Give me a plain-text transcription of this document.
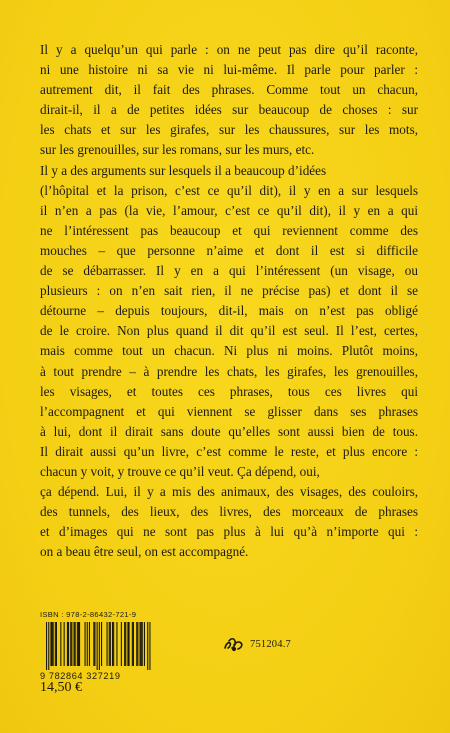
Il y a quelqu’un qui parle : on ne peut pas dire qu’il raconte,
ni une histoire ni sa vie ni lui-même. Il parle pour parler :
autrement dit, il fait des phrases. Comme tout un chacun,
dirait-il, il a de petites idées sur beaucoup de choses : sur
les chats et sur les girafes, sur les chaussures, sur les mots,
sur les grenouilles, sur les romans, sur les murs, etc.
Il y a des arguments sur lesquels il a beaucoup d’idées
(l’hôpital et la prison, c’est ce qu’il dit), il y en a sur lesquels
il n’en a pas (la vie, l’amour, c’est ce qu’il dit), il y en a qui
ne l’intéressent pas beaucoup et qui reviennent comme des
mouches – que personne n’aime et dont il est si difficile
de se débarrasser. Il y en a qui l’intéressent (un visage, ou
plusieurs : on n’en sait rien, il ne précise pas) et dont il se
détourne – depuis toujours, dit-il, mais on n’est pas obligé
de le croire. Non plus quand il dit qu’il est seul. Il l’est, certes,
mais comme tout un chacun. Ni plus ni moins. Plutôt moins,
à tout prendre – à prendre les chats, les girafes, les grenouilles,
les visages, et toutes ces phrases, tous ces livres qui
l’accompagnent et qui viennent se glisser dans ses phrases
à lui, dont il dirait sans doute qu’elles sont aussi bien de tous.
Il dirait aussi qu’un livre, c’est comme le reste, et plus encore :
chacun y voit, y trouve ce qu’il veut. Ça dépend, oui,
ça dépend. Lui, il y a mis des animaux, des visages, des couloirs,
des tunnels, des lieux, des livres, des morceaux de phrases
et d’images qui ne sont pas plus à lui qu’à n’importe qui :
on a beau être seul, on est accompagné.
ISBN : 978-2-86432-721-9
9 782864 327219
751204.7
14,50 €
